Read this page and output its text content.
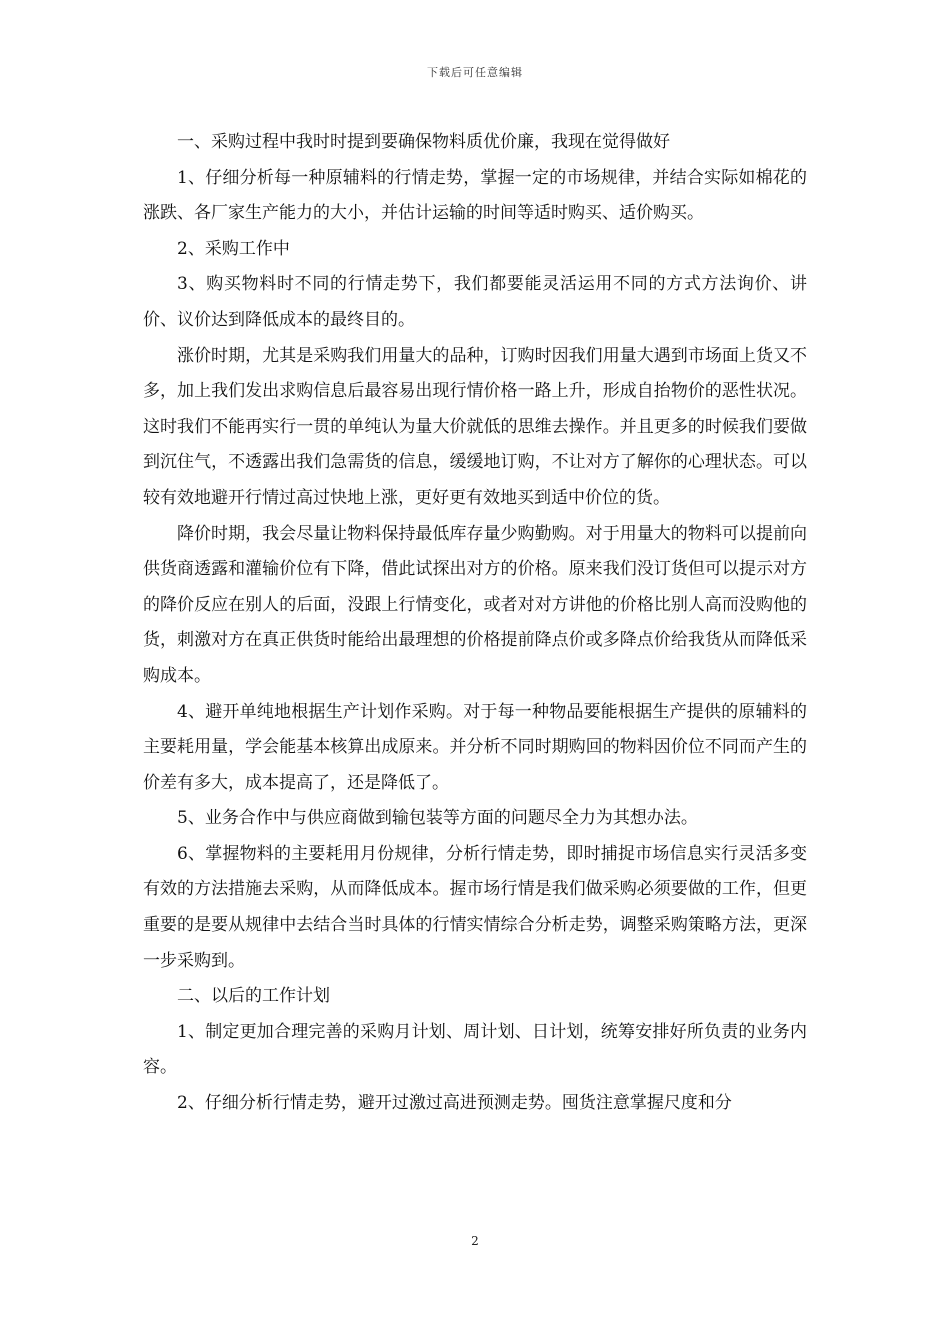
下载后可任意编辑

一、采购过程中我时时提到要确保物料质优价廉，我现在觉得做好

1、仔细分析每一种原辅料的行情走势，掌握一定的市场规律，并结合实际如棉花的涨跌、各厂家生产能力的大小，并估计运输的时间等适时购买、适价购买。

2、采购工作中

3、购买物料时不同的行情走势下，我们都要能灵活运用不同的方式方法询价、讲价、议价达到降低成本的最终目的。

涨价时期，尤其是采购我们用量大的品种，订购时因我们用量大遇到市场面上货又不多，加上我们发出求购信息后最容易出现行情价格一路上升，形成自抬物价的恶性状况。这时我们不能再实行一贯的单纯认为量大价就低的思维去操作。并且更多的时候我们要做到沉住气，不透露出我们急需货的信息，缓缓地订购，不让对方了解你的心理状态。可以较有效地避开行情过高过快地上涨，更好更有效地买到适中价位的货。

降价时期，我会尽量让物料保持最低库存量少购勤购。对于用量大的物料可以提前向供货商透露和灌输价位有下降，借此试探出对方的价格。原来我们没订货但可以提示对方的降价反应在别人的后面，没跟上行情变化，或者对对方讲他的价格比别人高而没购他的货，刺激对方在真正供货时能给出最理想的价格提前降点价或多降点价给我货从而降低采购成本。

4、避开单纯地根据生产计划作采购。对于每一种物品要能根据生产提供的原辅料的主要耗用量，学会能基本核算出成原来。并分析不同时期购回的物料因价位不同而产生的价差有多大，成本提高了，还是降低了。

5、业务合作中与供应商做到输包装等方面的问题尽全力为其想办法。

6、掌握物料的主要耗用月份规律，分析行情走势，即时捕捉市场信息实行灵活多变有效的方法措施去采购，从而降低成本。握市场行情是我们做采购必须要做的工作，但更重要的是要从规律中去结合当时具体的行情实情综合分析走势，调整采购策略方法，更深一步采购到。

二、以后的工作计划

1、制定更加合理完善的采购月计划、周计划、日计划，统筹安排好所负责的业务内容。

2、仔细分析行情走势，避开过激过高进预测走势。囤货注意掌握尺度和分

2
